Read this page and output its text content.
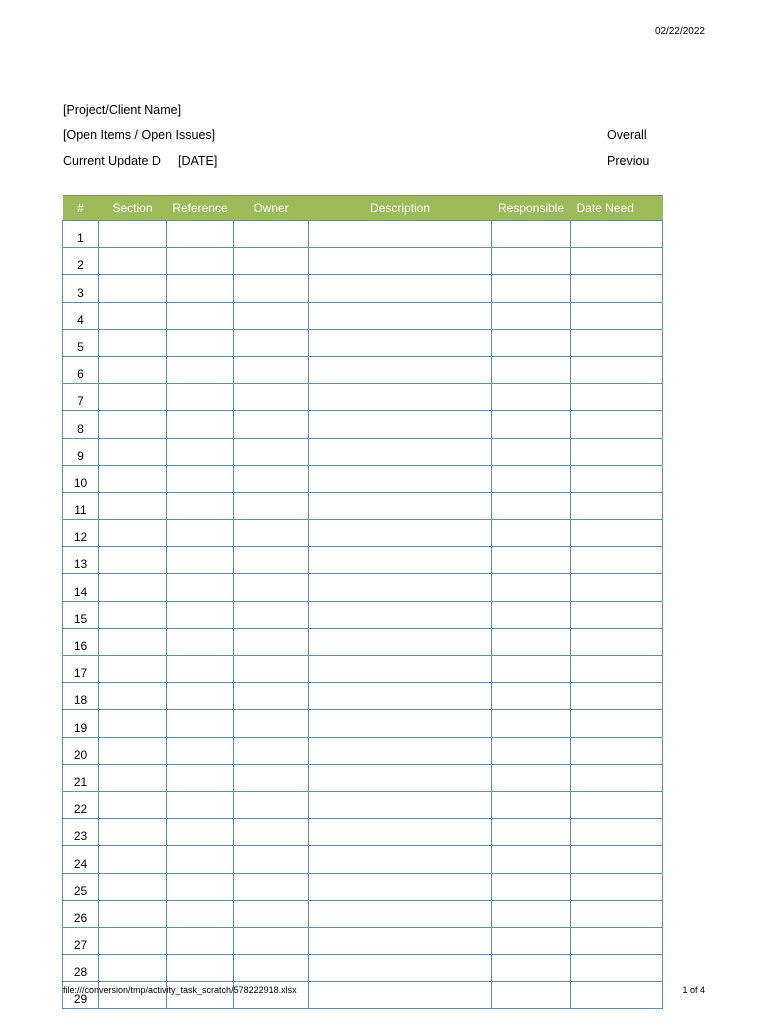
02/22/2022
[Project/Client Name]
[Open Items / Open Issues]
Current Update D [DATE]
Overall
Previou
#	Section	Reference	Owner	Description	Responsible	Date Need
1						
2						
3						
4						
5						
6						
7						
8						
9						
10						
11						
12						
13						
14						
15						
16						
17						
18						
19						
20						
21						
22						
23						
24						
25						
26						
27						
28						
29						
file:///conversion/tmp/activity_task_scratch/578222918.xlsx	1 of 4
